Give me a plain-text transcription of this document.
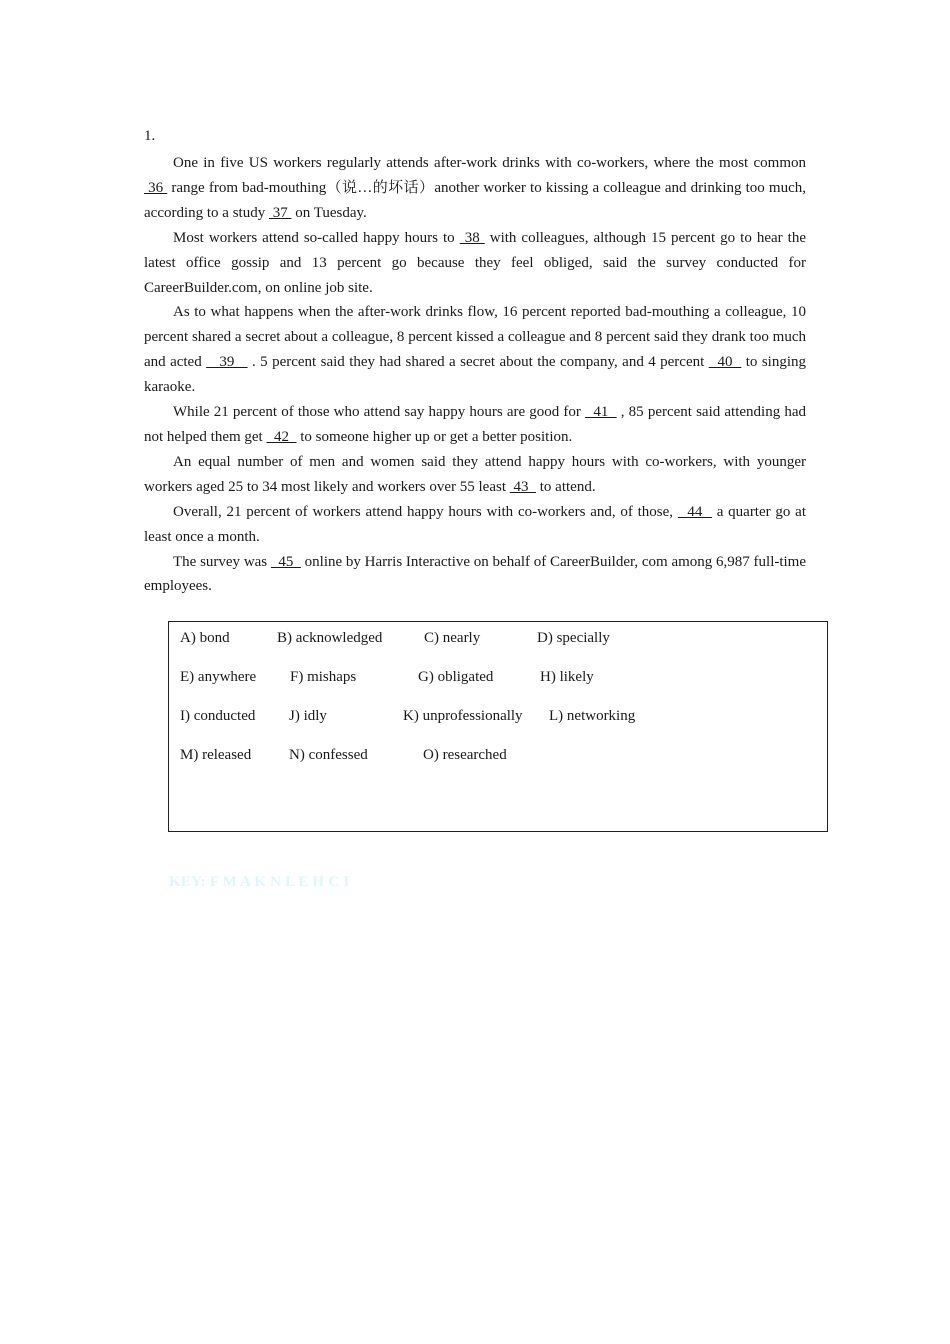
1.

One in five US workers regularly attends after-work drinks with co-workers, where the most common  36  range from bad-mouthing（说…的坏话）another worker to kissing a colleague and drinking too much, according to a study  37  on Tuesday.

Most workers attend so-called happy hours to  38  with colleagues, although 15 percent go to hear the latest office gossip and 13 percent go because they feel obliged, said the survey conducted for CareerBuilder.com, on online job site.

As to what happens when the after-work drinks flow, 16 percent reported bad-mouthing a colleague, 10 percent shared a secret about a colleague, 8 percent kissed a colleague and 8 percent said they drank too much and acted    39    . 5 percent said they had shared a secret about the company, and 4 percent   40   to singing karaoke.

While 21 percent of those who attend say happy hours are good for   41   , 85 percent said attending had not helped them get   42   to someone higher up or get a better position.

An equal number of men and women said they attend happy hours with co-workers, with younger workers aged 25 to 34 most likely and workers over 55 least  43   to attend.

Overall, 21 percent of workers attend happy hours with co-workers and, of those,   44   a quarter go at least once a month.

The survey was   45   online by Harris Interactive on behalf of CareerBuilder, com among 6,987 full-time employees.

A) bond	B) acknowledged	C) nearly	D) specially
E) anywhere F) mishaps	G) obligated	H) likely
I) conducted J) idly	K) unprofessionally L) networking
M) released	N) confessed	O) researched
KEY: F M A K N L E H C I
